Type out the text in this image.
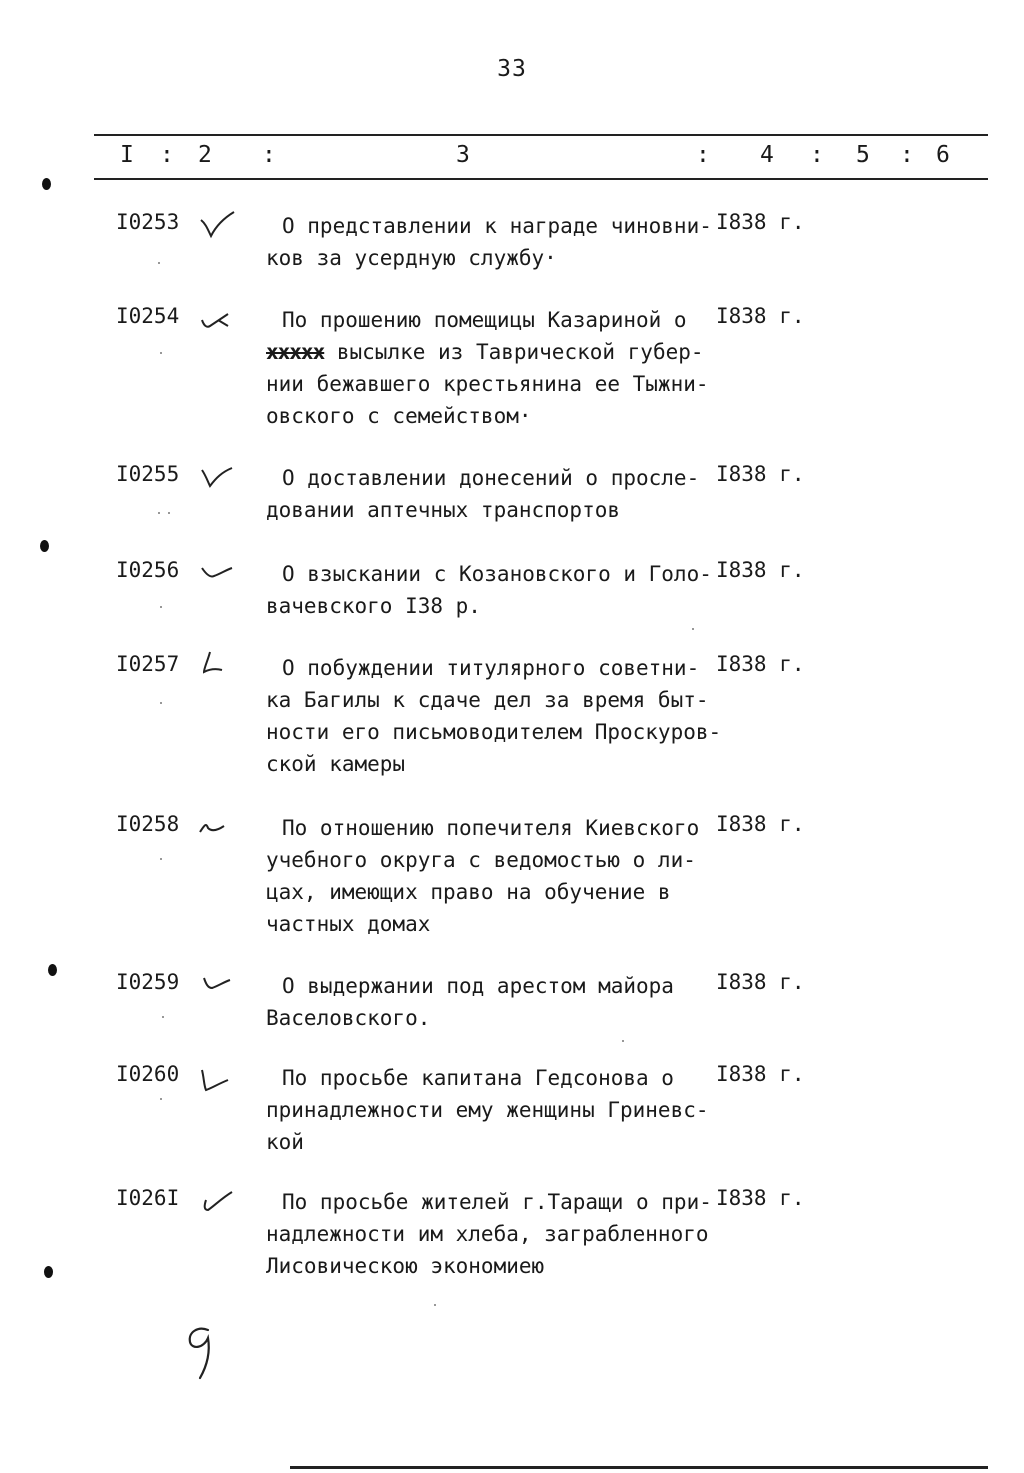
33
I : 2 :	3	: 4 : 5 : 6
I0253	О представлении к награде чиновни-
ков за усердную службу·
I838 г.
I0254	По прошению помещицы Казариной о
xxxxx высылке из Таврической губер-
нии бежавшего крестьянина ее Тыжни-
овского с семейством·
I838 г.
I0255	О доставлении донесений о просле-
довании аптечных транспортов
I838 г.
I0256	О взыскании с Козановского и Голо-
вачевского I38 р.
I838 г.
I0257	О побуждении титулярного советни-
ка Багилы к сдаче дел за время быт-
ности его письмоводителем Проскуров-
ской камеры
I838 г.
I0258	По отношению попечителя Киевского
учебного округа с ведомостью о ли-
цах, имеющих право на обучение в
частных домах
I838 г.
I0259	О выдержании под арестом майора
Васеловского.
I838 г.
I0260	По просьбе капитана Гедсонова о
принадлежности ему женщины Гриневс-
кой
I838 г.
I026I	По просьбе жителей г.Таращи о при-
надлежности им хлеба, заграбленного
Лисовическою экономиею
I838 г.
